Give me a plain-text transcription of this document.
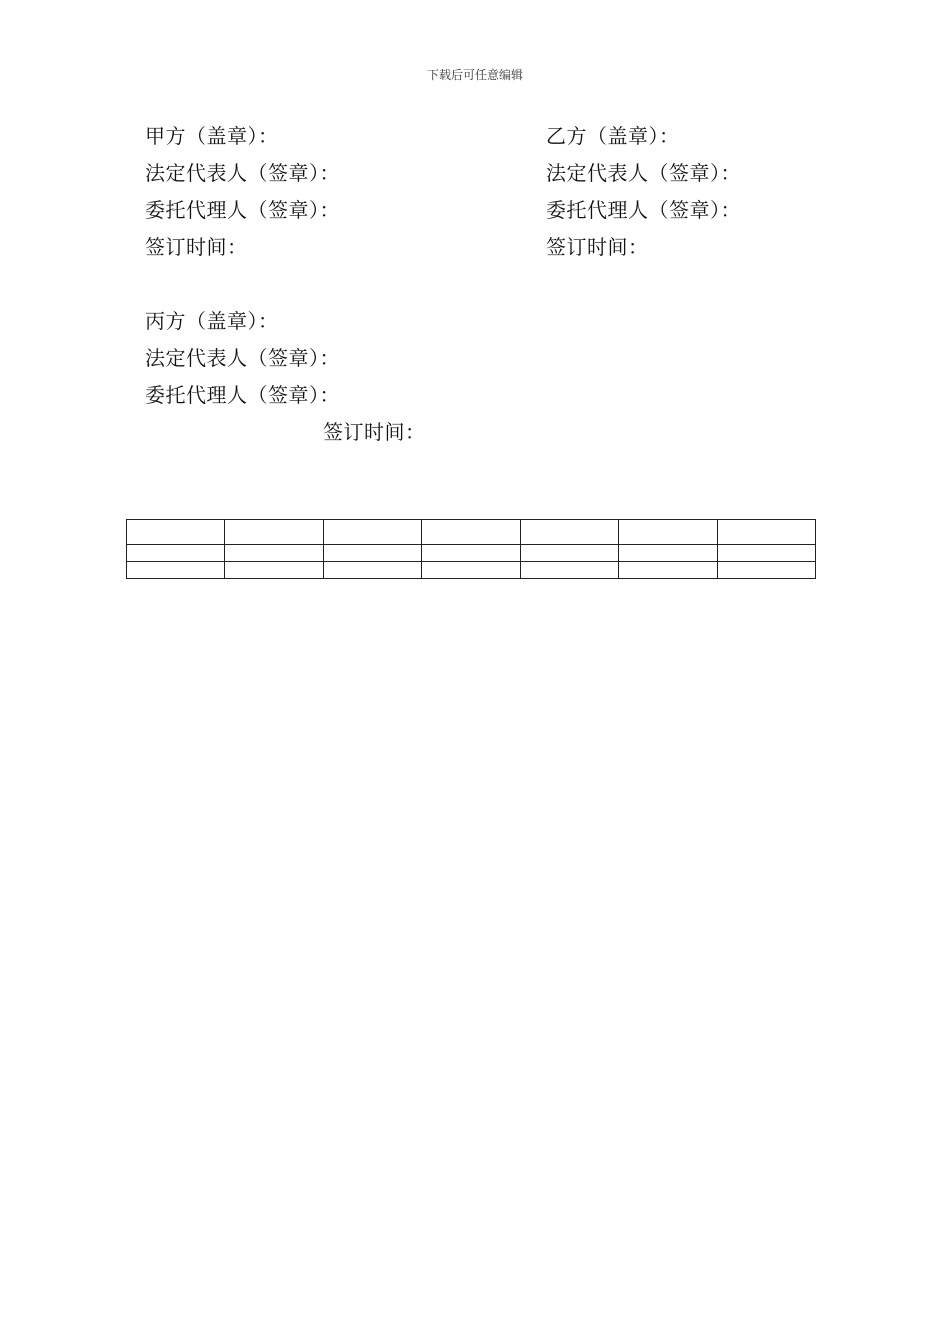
下载后可任意编辑
甲方（盖章）：
法定代表人（签章）：
委托代理人（签章）：
签订时间：
乙方（盖章）：
法定代表人（签章）：
委托代理人（签章）：
签订时间：
丙方（盖章）：
法定代表人（签章）：
委托代理人（签章）：
签订时间：
